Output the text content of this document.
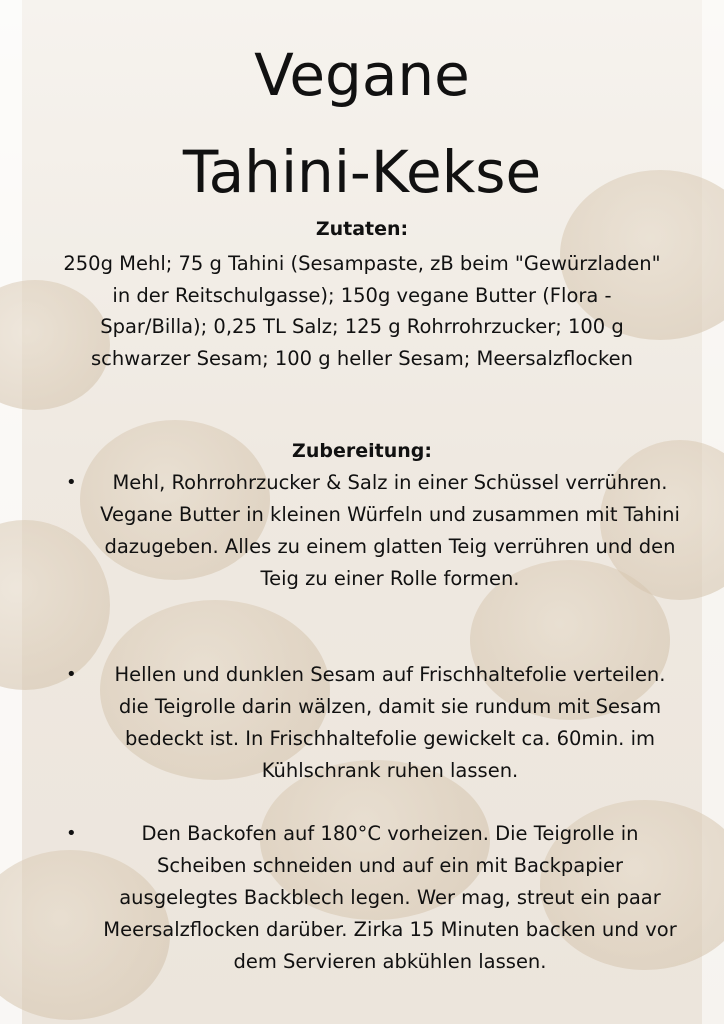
Vegane
Tahini-Kekse
Zutaten:

250g Mehl; 75 g Tahini (Sesampaste, zB beim "Gewürzladen" in der Reitschulgasse); 150g vegane Butter (Flora - Spar/Billa); 0,25 TL Salz; 125 g Rohrrohrzucker; 100 g schwarzer Sesam; 100 g heller Sesam; Meersalzflocken

Zubereitung:
•	Mehl, Rohrrohrzucker & Salz in einer Schüssel verrühren. Vegane Butter in kleinen Würfeln und zusammen mit Tahini dazugeben. Alles zu einem glatten Teig verrühren und den Teig zu einer Rolle formen.

•	Hellen und dunklen Sesam auf Frischhaltefolie verteilen. die Teigrolle darin wälzen, damit sie rundum mit Sesam bedeckt ist. In Frischhaltefolie gewickelt ca. 60min. im Kühlschrank ruhen lassen.

•	Den Backofen auf 180°C vorheizen. Die Teigrolle in Scheiben schneiden und auf ein mit Backpapier ausgelegtes Backblech legen. Wer mag, streut ein paar Meersalzflocken darüber. Zirka 15 Minuten backen und vor dem Servieren abkühlen lassen.
